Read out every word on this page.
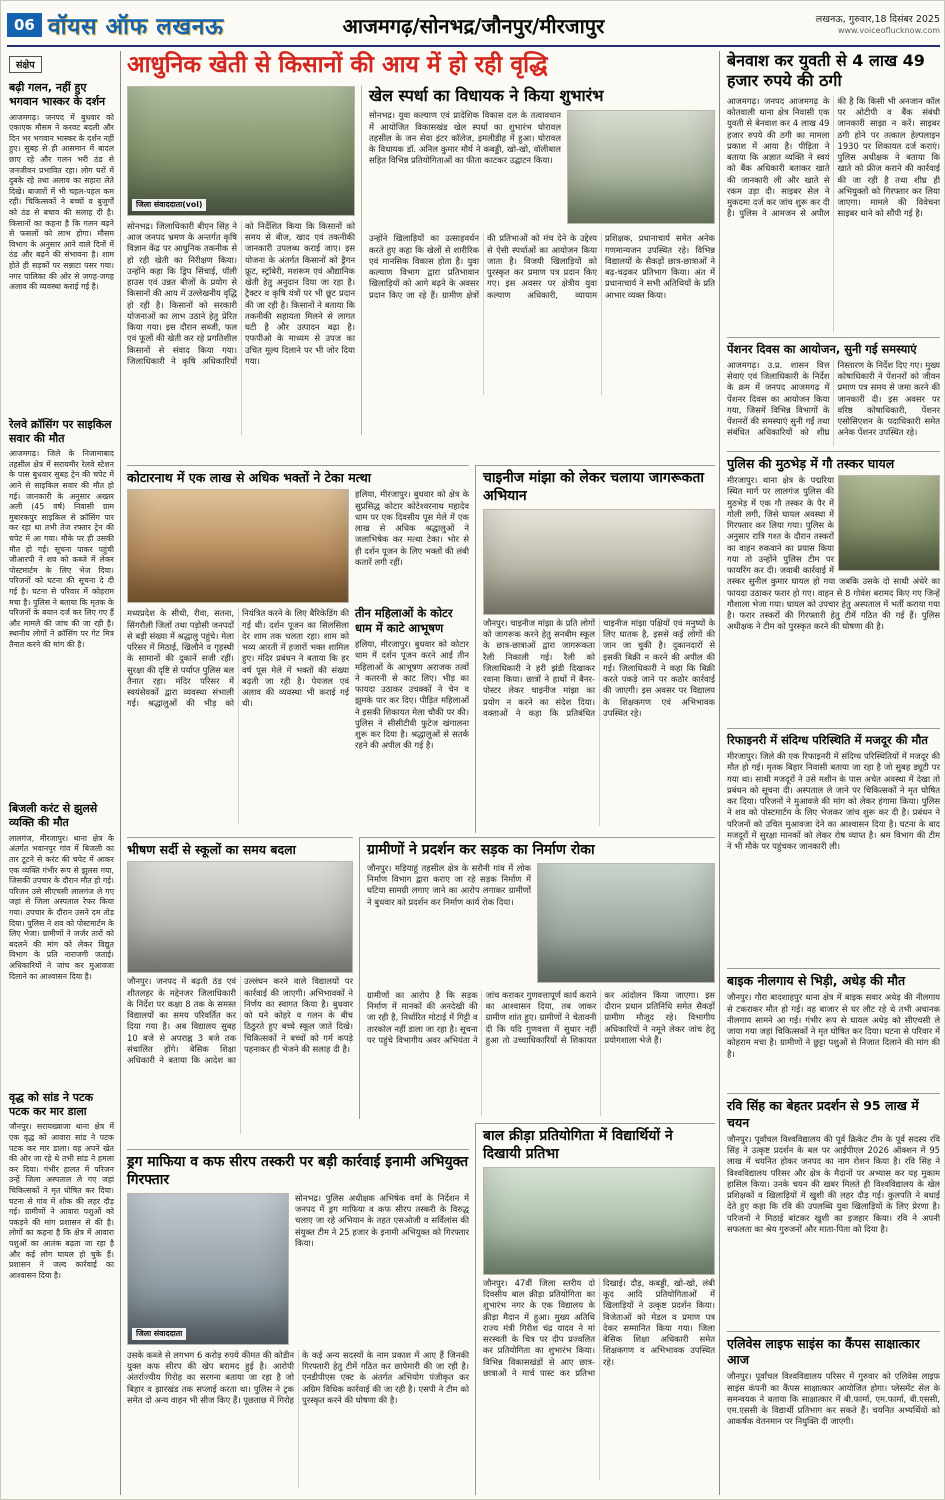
06 वॉयस ऑफ लखनऊ	आजमगढ़/सोनभद्र/जौनपुर/मीरजापुर	लखनऊ, गुरुवार,18 दिसंबर 2025
www.voiceoflucknow.com
संक्षेप
बढ़ी गलन, नहीं हुए भगवान भास्कर के दर्शन
आजमगढ़। जनपद में बुधवार को एकाएक मौसम ने करवट बदली और दिन भर भगवान भास्कर के दर्शन नहीं हुए। सुबह से ही आसमान में बादल छाए रहे और गलन भरी ठंड से जनजीवन प्रभावित रहा। लोग घरों में दुबके रहे तथा अलाव का सहारा लेते दिखे। बाजारों में भी चहल-पहल कम रही। चिकित्सकों ने बच्चों व बुजुर्गों को ठंड से बचाव की सलाह दी है। किसानों का कहना है कि गलन बढ़ने से फसलों को लाभ होगा। मौसम विभाग के अनुसार आने वाले दिनों में ठंड और बढ़ने की संभावना है। शाम होते ही सड़कों पर सन्नाटा पसर गया। नगर पालिका की ओर से जगह-जगह अलाव की व्यवस्था कराई गई है।
रेलवे क्रॉसिंग पर साइकिल सवार की मौत
आजमगढ़। जिले के निजामाबाद तहसील क्षेत्र में सरायमीर रेलवे स्टेशन के पास बुधवार सुबह ट्रेन की चपेट में आने से साइकिल सवार की मौत हो गई। जानकारी के अनुसार अख्तर अली (45 वर्ष) निवासी ग्राम मुबारकपुर साइकिल से क्रॉसिंग पार कर रहा था तभी तेज रफ्तार ट्रेन की चपेट में आ गया। मौके पर ही उसकी मौत हो गई। सूचना पाकर पहुंची जीआरपी ने शव को कब्जे में लेकर पोस्टमार्टम के लिए भेज दिया। परिजनों को घटना की सूचना दे दी गई है। घटना से परिवार में कोहराम मचा है। पुलिस ने बताया कि मृतक के परिजनों के बयान दर्ज कर लिए गए हैं और मामले की जांच की जा रही है। स्थानीय लोगों ने क्रॉसिंग पर गेट मित्र तैनात करने की मांग की है।
बिजली करंट से झुलसे व्यक्ति की मौत
लालगंज, मीरजापुर। थाना क्षेत्र के अंतर्गत भवानपुर गांव में बिजली का तार टूटने से करंट की चपेट में आकर एक व्यक्ति गंभीर रूप से झुलस गया, जिसकी उपचार के दौरान मौत हो गई। परिजन उसे सीएचसी लालगंज ले गए जहां से जिला अस्पताल रेफर किया गया। उपचार के दौरान उसने दम तोड़ दिया। पुलिस ने शव को पोस्टमार्टम के लिए भेजा। ग्रामीणों ने जर्जर तारों को बदलने की मांग को लेकर विद्युत विभाग के प्रति नाराजगी जताई। अधिकारियों ने जांच कर मुआवजा दिलाने का आश्वासन दिया है।
वृद्ध को सांड ने पटक पटक कर मार डाला
जौनपुर। सरायख्वाजा थाना क्षेत्र में एक वृद्ध को आवारा सांड ने पटक पटक कर मार डाला। वह अपने खेत की ओर जा रहे थे तभी सांड ने हमला कर दिया। गंभीर हालत में परिजन उन्हें जिला अस्पताल ले गए जहां चिकित्सकों ने मृत घोषित कर दिया। घटना से गांव में शोक की लहर दौड़ गई। ग्रामीणों ने आवारा पशुओं को पकड़ने की मांग प्रशासन से की है। लोगों का कहना है कि क्षेत्र में आवारा पशुओं का आतंक बढ़ता जा रहा है और कई लोग घायल हो चुके हैं। प्रशासन ने जल्द कार्रवाई का आश्वासन दिया है।
आधुनिक खेती से किसानों की आय में हो रही वृद्धि
जिला संवाददाता(vol)
सोनभद्र। जिलाधिकारी बीएन सिंह ने आज जनपद भ्रमण के अन्तर्गत कृषि विज्ञान केंद्र पर आधुनिक तकनीक से हो रही खेती का निरीक्षण किया। उन्होंने कहा कि ड्रिप सिंचाई, पॉली हाउस एवं उन्नत बीजों के प्रयोग से किसानों की आय में उल्लेखनीय वृद्धि हो रही है। किसानों को सरकारी योजनाओं का लाभ उठाने हेतु प्रेरित किया गया। इस दौरान सब्जी, फल एवं फूलों की खेती कर रहे प्रगतिशील किसानों से संवाद किया गया। जिलाधिकारी ने कृषि अधिकारियों को निर्देशित किया कि किसानों को समय से बीज, खाद एवं तकनीकी जानकारी उपलब्ध कराई जाए। इस योजना के अंतर्गत किसानों को ड्रैगन फ्रूट, स्ट्रॉबेरी, मशरूम एवं औद्यानिक खेती हेतु अनुदान दिया जा रहा है। ट्रैक्टर व कृषि यंत्रों पर भी छूट प्रदान की जा रही है। किसानों ने बताया कि तकनीकी सहायता मिलने से लागत घटी है और उत्पादन बढ़ा है। एफपीओ के माध्यम से उपज का उचित मूल्य दिलाने पर भी जोर दिया गया।
खेल स्पर्धा का विधायक ने किया शुभारंभ
सोनभद्र। युवा कल्याण एवं प्रादेशिक विकास दल के तत्वावधान में आयोजित विकासखंड खेल स्पर्धा का शुभारंभ घोरावल तहसील के जन सेवा इंटर कॉलेज, इमलीडीह में हुआ। घोरावल के विधायक डॉ. अनिल कुमार मौर्य ने कबड्डी, खो-खो, वॉलीबाल सहित विभिन्न प्रतियोगिताओं का फीता काटकर उद्घाटन किया।
उन्होंने खिलाड़ियों का उत्साहवर्धन करते हुए कहा कि खेलों से शारीरिक एवं मानसिक विकास होता है। युवा कल्याण विभाग द्वारा प्रतिभावान खिलाड़ियों को आगे बढ़ने के अवसर प्रदान किए जा रहे हैं। ग्रामीण क्षेत्रों की प्रतिभाओं को मंच देने के उद्देश्य से ऐसी स्पर्धाओं का आयोजन किया जाता है। विजयी खिलाड़ियों को पुरस्कृत कर प्रमाण पत्र प्रदान किए गए। इस अवसर पर क्षेत्रीय युवा कल्याण अधिकारी, व्यायाम प्रशिक्षक, प्रधानाचार्य समेत अनेक गणमान्यजन उपस्थित रहे। विभिन्न विद्यालयों के सैकड़ों छात्र-छात्राओं ने बढ़-चढ़कर प्रतिभाग किया। अंत में प्रधानाचार्य ने सभी अतिथियों के प्रति आभार व्यक्त किया।
कोटारनाथ में एक लाख से अधिक भक्तों ने टेका मत्था
मध्यप्रदेश के सीधी, रीवा, सतना, सिंगरौली जिलों तथा पड़ोसी जनपदों से बड़ी संख्या में श्रद्धालु पहुंचे। मेला परिसर में मिठाई, खिलौने व गृहस्थी के सामानों की दुकानें सजी रहीं। सुरक्षा की दृष्टि से पर्याप्त पुलिस बल तैनात रहा। मंदिर परिसर में स्वयंसेवकों द्वारा व्यवस्था संभाली गई। श्रद्धालुओं की भीड़ को नियंत्रित करने के लिए बैरिकेडिंग की गई थी। दर्शन पूजन का सिलसिला देर शाम तक चलता रहा। शाम को भव्य आरती में हजारों भक्त शामिल हुए। मंदिर प्रबंधन ने बताया कि हर वर्ष पूस मेले में भक्तों की संख्या बढ़ती जा रही है। पेयजल एवं अलाव की व्यवस्था भी कराई गई थी।
हलिया, मीरजापुर। बुधवार को क्षेत्र के सुप्रसिद्ध कोटार कोटेश्वरनाथ महादेव धाम पर एक दिवसीय पूस मेले में एक लाख से अधिक श्रद्धालुओं ने जलाभिषेक कर मत्था टेका। भोर से ही दर्शन पूजन के लिए भक्तों की लंबी कतारें लगी रहीं।
तीन महिलाओं के कोटर धाम में काटे आभूषण
हलिया, मीरजापुर। बुधवार को कोटार धाम में दर्शन पूजन करने आई तीन महिलाओं के आभूषण अराजक तत्वों ने कतरनी से काट लिए। भीड़ का फायदा उठाकर उचक्कों ने चेन व झुमके पार कर दिए। पीड़ित महिलाओं ने इसकी शिकायत मेला चौकी पर की। पुलिस ने सीसीटीवी फुटेज खंगालना शुरू कर दिया है। श्रद्धालुओं से सतर्क रहने की अपील की गई है।
चाइनीज मांझा को लेकर चलाया जागरूकता अभियान
जौनपुर। चाइनीज मांझा के प्रति लोगों को जागरूक करने हेतु सनबीम स्कूल के छात्र-छात्राओं द्वारा जागरूकता रैली निकाली गई। रैली को जिलाधिकारी ने हरी झंडी दिखाकर रवाना किया। छात्रों ने हाथों में बैनर-पोस्टर लेकर चाइनीज मांझा का प्रयोग न करने का संदेश दिया। वक्ताओं ने कहा कि प्रतिबंधित चाइनीज मांझा पक्षियों एवं मनुष्यों के लिए घातक है, इससे कई लोगों की जान जा चुकी है। दुकानदारों से इसकी बिक्री न करने की अपील की गई। जिलाधिकारी ने कहा कि बिक्री करते पकड़े जाने पर कठोर कार्रवाई की जाएगी। इस अवसर पर विद्यालय के शिक्षकगण एवं अभिभावक उपस्थित रहे।
भीषण सर्दी से स्कूलों का समय बदला
जौनपुर। जनपद में बढ़ती ठंड एवं शीतलहर के मद्देनजर जिलाधिकारी के निर्देश पर कक्षा 8 तक के समस्त विद्यालयों का समय परिवर्तित कर दिया गया है। अब विद्यालय सुबह 10 बजे से अपराह्न 3 बजे तक संचालित होंगे। बेसिक शिक्षा अधिकारी ने बताया कि आदेश का उल्लंघन करने वाले विद्यालयों पर कार्रवाई की जाएगी। अभिभावकों ने निर्णय का स्वागत किया है। बुधवार को घने कोहरे व गलन के बीच ठिठुरते हुए बच्चे स्कूल जाते दिखे। चिकित्सकों ने बच्चों को गर्म कपड़े पहनाकर ही भेजने की सलाह दी है।
ग्रामीणों ने प्रदर्शन कर सड़क का निर्माण रोका
जौनपुर। मड़ियाहूं तहसील क्षेत्र के सरौनी गांव में लोक निर्माण विभाग द्वारा कराए जा रहे सड़क निर्माण में घटिया सामग्री लगाए जाने का आरोप लगाकर ग्रामीणों ने बुधवार को प्रदर्शन कर निर्माण कार्य रोक दिया।
ग्रामीणों का आरोप है कि सड़क निर्माण में मानकों की अनदेखी की जा रही है, निर्धारित मोटाई में गिट्टी व तारकोल नहीं डाला जा रहा है। सूचना पर पहुंचे विभागीय अवर अभियंता ने जांच कराकर गुणवत्तापूर्ण कार्य कराने का आश्वासन दिया, तब जाकर ग्रामीण शांत हुए। ग्रामीणों ने चेतावनी दी कि यदि गुणवत्ता में सुधार नहीं हुआ तो उच्चाधिकारियों से शिकायत कर आंदोलन किया जाएगा। इस दौरान प्रधान प्रतिनिधि समेत सैकड़ों ग्रामीण मौजूद रहे। विभागीय अधिकारियों ने नमूने लेकर जांच हेतु प्रयोगशाला भेजे हैं।
ड्रग माफिया व कफ सीरप तस्करी पर बड़ी कार्रवाई इनामी अभियुक्त गिरफ्तार
जिला संवाददाता
सोनभद्र। पुलिस अधीक्षक अभिषेक वर्मा के निर्देशन में जनपद में ड्रग माफिया व कफ सीरप तस्करी के विरुद्ध चलाए जा रहे अभियान के तहत एसओजी व सर्विलांस की संयुक्त टीम ने 25 हजार के इनामी अभियुक्त को गिरफ्तार किया।
उसके कब्जे से लगभग 6 करोड़ रुपये कीमत की कोडीन युक्त कफ सीरप की खेप बरामद हुई है। आरोपी अंतर्राज्यीय गिरोह का सरगना बताया जा रहा है जो बिहार व झारखंड तक सप्लाई करता था। पुलिस ने ट्रक समेत दो अन्य वाहन भी सीज किए हैं। पूछताछ में गिरोह के कई अन्य सदस्यों के नाम प्रकाश में आए हैं जिनकी गिरफ्तारी हेतु टीमें गठित कर छापेमारी की जा रही है। एनडीपीएस एक्ट के अंतर्गत अभियोग पंजीकृत कर अग्रिम विधिक कार्रवाई की जा रही है। एसपी ने टीम को पुरस्कृत करने की घोषणा की है।
बाल क्रीड़ा प्रतियोगिता में विद्यार्थियों ने दिखायी प्रतिभा
जौनपुर। 47वीं जिला स्तरीय दो दिवसीय बाल क्रीड़ा प्रतियोगिता का शुभारंभ नगर के एक विद्यालय के क्रीड़ा मैदान में हुआ। मुख्य अतिथि राज्य मंत्री गिरीश चंद्र यादव ने मां सरस्वती के चित्र पर दीप प्रज्वलित कर प्रतियोगिता का शुभारंभ किया। विभिन्न विकासखंडों से आए छात्र-छात्राओं ने मार्च पास्ट कर प्रतिभा दिखाई। दौड़, कबड्डी, खो-खो, लंबी कूद आदि प्रतियोगिताओं में खिलाड़ियों ने उत्कृष्ट प्रदर्शन किया। विजेताओं को मेडल व प्रमाण पत्र देकर सम्मानित किया गया। जिला बेसिक शिक्षा अधिकारी समेत शिक्षकगण व अभिभावक उपस्थित रहे।
बेनवाश कर युवती से 4 लाख 49 हजार रुपये की ठगी
आजमगढ़। जनपद आजमगढ़ के कोतवाली थाना क्षेत्र निवासी एक युवती से बेनवाश कर 4 लाख 49 हजार रुपये की ठगी का मामला प्रकाश में आया है। पीड़िता ने बताया कि अज्ञात व्यक्ति ने स्वयं को बैंक अधिकारी बताकर खाते की जानकारी ली और खाते से रकम उड़ा दी। साइबर सेल ने मुकदमा दर्ज कर जांच शुरू कर दी है। पुलिस ने आमजन से अपील की है कि किसी भी अनजान कॉल पर ओटीपी व बैंक संबंधी जानकारी साझा न करें। साइबर ठगी होने पर तत्काल हेल्पलाइन 1930 पर शिकायत दर्ज कराएं। पुलिस अधीक्षक ने बताया कि खाते को फ्रीज कराने की कार्रवाई की जा रही है तथा शीघ्र ही अभियुक्तों को गिरफ्तार कर लिया जाएगा। मामले की विवेचना साइबर थाने को सौंपी गई है।
पेंशनर दिवस का आयोजन, सुनी गई समस्याएं
आजमगढ़। उ.प्र. शासन वित्त सेवाएं एवं जिलाधिकारी के निर्देश के क्रम में जनपद आजमगढ़ में पेंशनर दिवस का आयोजन किया गया, जिसमें विभिन्न विभागों के पेंशनरों की समस्याएं सुनी गईं तथा संबंधित अधिकारियों को शीघ्र निस्तारण के निर्देश दिए गए। मुख्य कोषाधिकारी ने पेंशनरों को जीवन प्रमाण पत्र समय से जमा करने की जानकारी दी। इस अवसर पर वरिष्ठ कोषाधिकारी, पेंशनर एसोसिएशन के पदाधिकारी समेत अनेक पेंशनर उपस्थित रहे।
पुलिस की मुठभेड़ में गौ तस्कर घायल
मीरजापुर। थाना क्षेत्र के पद्मरिया स्थित मार्ग पर लालगंज पुलिस की मुठभेड़ में एक गौ तस्कर के पैर में गोली लगी, जिसे घायल अवस्था में गिरफ्तार कर लिया गया। पुलिस के अनुसार रात्रि गश्त के दौरान तस्करों का वाहन रुकवाने का प्रयास किया गया तो उन्होंने पुलिस टीम पर फायरिंग कर दी। जवाबी कार्रवाई में तस्कर सुनील कुमार घायल हो गया जबकि उसके दो साथी अंधेरे का फायदा उठाकर फरार हो गए। वाहन से 8 गोवंश बरामद किए गए जिन्हें गौशाला भेजा गया। घायल को उपचार हेतु अस्पताल में भर्ती कराया गया है। फरार तस्करों की गिरफ्तारी हेतु टीमें गठित की गई हैं। पुलिस अधीक्षक ने टीम को पुरस्कृत करने की घोषणा की है।
रिफाइनरी में संदिग्ध परिस्थिति में मजदूर की मौत
मीरजापुर। जिले की एक रिफाइनरी में संदिग्ध परिस्थितियों में मजदूर की मौत हो गई। मृतक बिहार निवासी बताया जा रहा है जो सुबह ड्यूटी पर गया था। साथी मजदूरों ने उसे मशीन के पास अचेत अवस्था में देखा तो प्रबंधन को सूचना दी। अस्पताल ले जाने पर चिकित्सकों ने मृत घोषित कर दिया। परिजनों ने मुआवजे की मांग को लेकर हंगामा किया। पुलिस ने शव को पोस्टमार्टम के लिए भेजकर जांच शुरू कर दी है। प्रबंधन ने परिजनों को उचित मुआवजा देने का आश्वासन दिया है। घटना के बाद मजदूरों में सुरक्षा मानकों को लेकर रोष व्याप्त है। श्रम विभाग की टीम ने भी मौके पर पहुंचकर जानकारी ली।
बाइक नीलगाय से भिड़ी, अधेड़ की मौत
जौनपुर। गौरा बादशाहपुर थाना क्षेत्र में बाइक सवार अधेड़ की नीलगाय से टकराकर मौत हो गई। वह बाजार से घर लौट रहे थे तभी अचानक नीलगाय सामने आ गई। गंभीर रूप से घायल अधेड़ को सीएचसी ले जाया गया जहां चिकित्सकों ने मृत घोषित कर दिया। घटना से परिवार में कोहराम मचा है। ग्रामीणों ने छुट्टा पशुओं से निजात दिलाने की मांग की है।
रवि सिंह का बेहतर प्रदर्शन से 95 लाख में चयन
जौनपुर। पूर्वांचल विश्वविद्यालय की पूर्व क्रिकेट टीम के पूर्व सदस्य रवि सिंह ने उत्कृष्ट प्रदर्शन के बल पर आईपीएल 2026 ऑक्शन में 95 लाख में चयनित होकर जनपद का नाम रोशन किया है। रवि सिंह ने विश्वविद्यालय परिसर और क्षेत्र के मैदानों पर अभ्यास कर यह मुकाम हासिल किया। उनके चयन की खबर मिलते ही विश्वविद्यालय के खेल प्रशिक्षकों व खिलाड़ियों में खुशी की लहर दौड़ गई। कुलपति ने बधाई देते हुए कहा कि रवि की उपलब्धि युवा खिलाड़ियों के लिए प्रेरणा है। परिजनों ने मिठाई बांटकर खुशी का इजहार किया। रवि ने अपनी सफलता का श्रेय गुरुजनों और माता-पिता को दिया है।
एलिवेस लाइफ साइंस का कैंपस साक्षात्कार आज
जौनपुर। पूर्वांचल विश्वविद्यालय परिसर में गुरुवार को एलिवेस लाइफ साइंस कंपनी का कैंपस साक्षात्कार आयोजित होगा। प्लेसमेंट सेल के समन्वयक ने बताया कि साक्षात्कार में बी.फार्मा, एम.फार्मा, बी.एससी, एम.एससी के विद्यार्थी प्रतिभाग कर सकते हैं। चयनित अभ्यर्थियों को आकर्षक वेतनमान पर नियुक्ति दी जाएगी।
